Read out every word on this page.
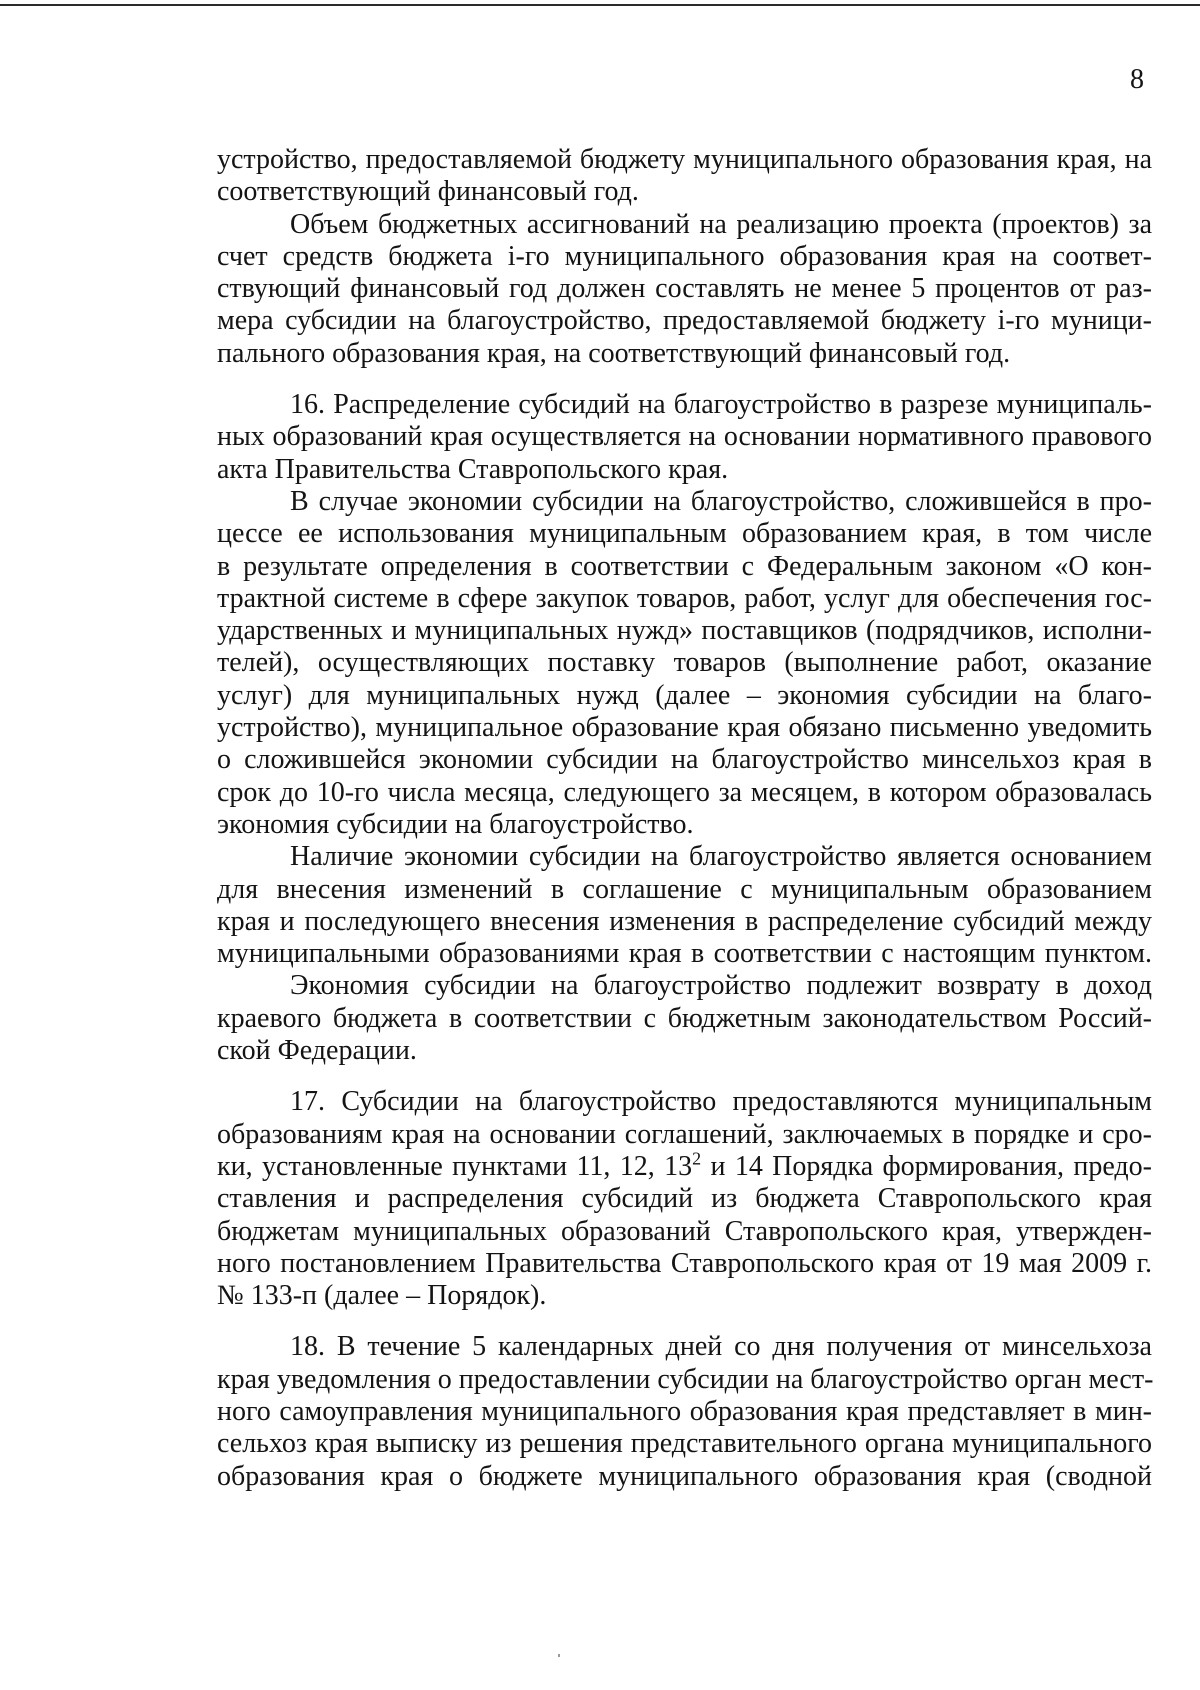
8
устройство, предоставляемой бюджету муниципального образования края, на
соответствующий финансовый год.
Объем бюджетных ассигнований на реализацию проекта (проектов) за
счет средств бюджета i-го муниципального образования края на соответ-
ствующий финансовый год должен составлять не менее 5 процентов от раз-
мера субсидии на благоустройство, предоставляемой бюджету i-го муници-
пального образования края, на соответствующий финансовый год.
16. Распределение субсидий на благоустройство в разрезе муниципаль-
ных образований края осуществляется на основании нормативного правового
акта Правительства Ставропольского края.
В случае экономии субсидии на благоустройство, сложившейся в про-
цессе ее использования муниципальным образованием края, в том числе
в результате определения в соответствии с Федеральным законом «О кон-
трактной системе в сфере закупок товаров, работ, услуг для обеспечения гос-
ударственных и муниципальных нужд» поставщиков (подрядчиков, исполни-
телей), осуществляющих поставку товаров (выполнение работ, оказание
услуг) для муниципальных нужд (далее – экономия субсидии на благо-
устройство), муниципальное образование края обязано письменно уведомить
о сложившейся экономии субсидии на благоустройство минсельхоз края в
срок до 10-го числа месяца, следующего за месяцем, в котором образовалась
экономия субсидии на благоустройство.
Наличие экономии субсидии на благоустройство является основанием
для внесения изменений в соглашение с муниципальным образованием
края и последующего внесения изменения в распределение субсидий между
муниципальными образованиями края в соответствии с настоящим пунктом.
Экономия субсидии на благоустройство подлежит возврату в доход
краевого бюджета в соответствии с бюджетным законодательством Россий-
ской Федерации.
17. Субсидии на благоустройство предоставляются муниципальным
образованиям края на основании соглашений, заключаемых в порядке и сро-
ки, установленные пунктами 11, 12, $13^2$ и 14 Порядка формирования, предо-
ставления и распределения субсидий из бюджета Ставропольского края
бюджетам муниципальных образований Ставропольского края, утвержден-
ного постановлением Правительства Ставропольского края от 19 мая 2009 г.
№ 133-п (далее – Порядок).
18. В течение 5 календарных дней со дня получения от минсельхоза
края уведомления о предоставлении субсидии на благоустройство орган мест-
ного самоуправления муниципального образования края представляет в мин-
сельхоз края выписку из решения представительного органа муниципального
образования края о бюджете муниципального образования края (сводной
